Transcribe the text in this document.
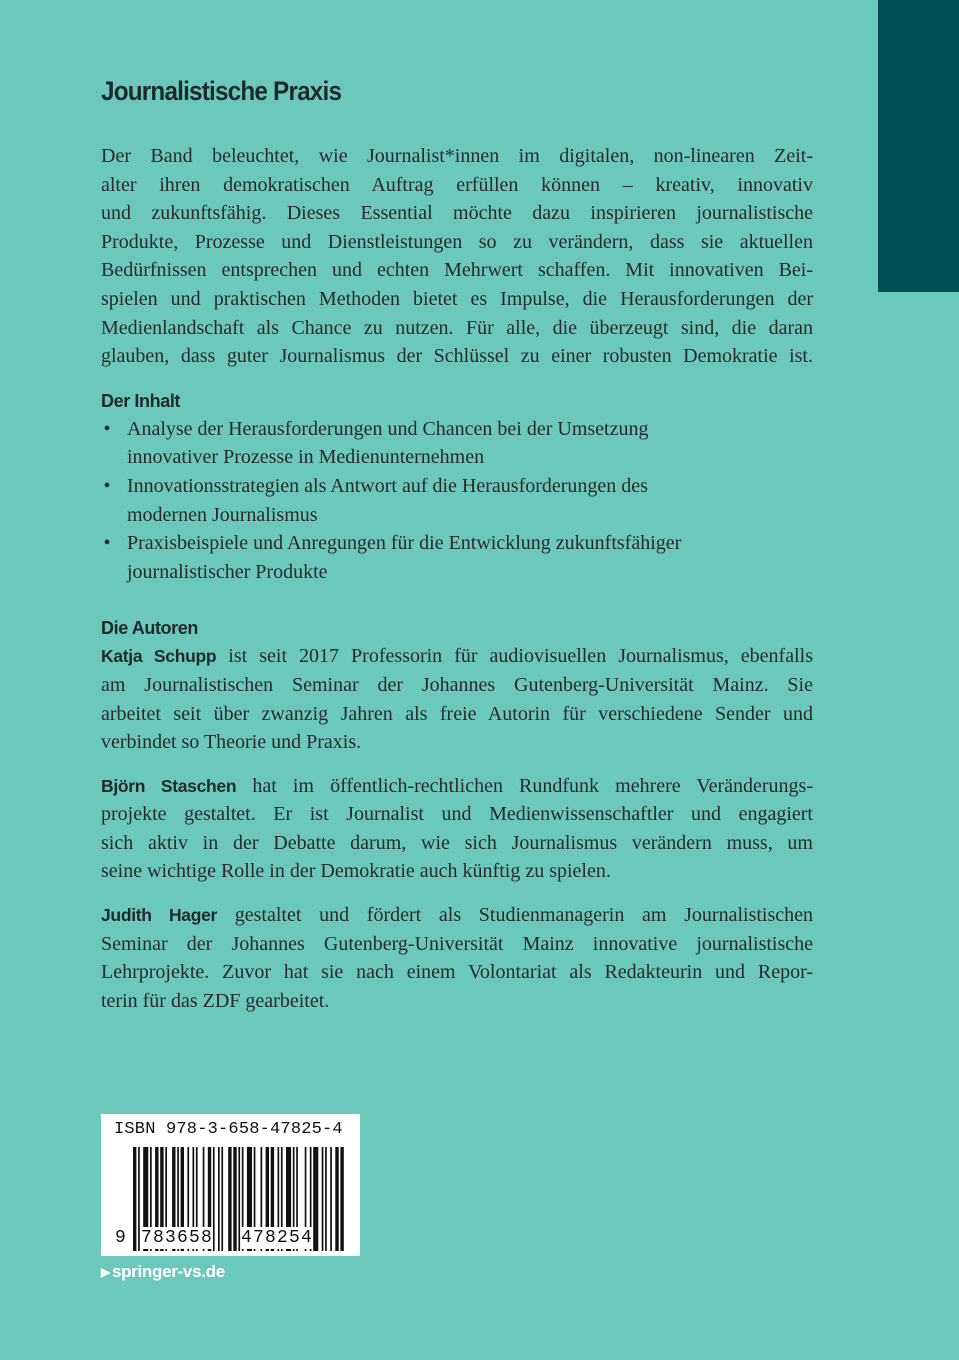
Journalistische Praxis
Der Band beleuchtet, wie Journalist*innen im digitalen, non-linearen Zeit-
alter ihren demokratischen Auftrag erfüllen können – kreativ, innovativ
und zukunftsfähig. Dieses Essential möchte dazu inspirieren journalistische
Produkte, Prozesse und Dienstleistungen so zu verändern, dass sie aktuellen
Bedürfnissen entsprechen und echten Mehrwert schaffen. Mit innovativen Bei-
spielen und praktischen Methoden bietet es Impulse, die Herausforderungen der
Medienlandschaft als Chance zu nutzen. Für alle, die überzeugt sind, die daran
glauben, dass guter Journalismus der Schlüssel zu einer robusten Demokratie ist.
Der Inhalt
• Analyse der Herausforderungen und Chancen bei der Umsetzung
innovativer Prozesse in Medienunternehmen
• Innovationsstrategien als Antwort auf die Herausforderungen des
modernen Journalismus
• Praxisbeispiele und Anregungen für die Entwicklung zukunftsfähiger
journalistischer Produkte
Die Autoren
Katja Schupp ist seit 2017 Professorin für audiovisuellen Journalismus, ebenfalls
am Journalistischen Seminar der Johannes Gutenberg-Universität Mainz. Sie
arbeitet seit über zwanzig Jahren als freie Autorin für verschiedene Sender und
verbindet so Theorie und Praxis.
Björn Staschen hat im öffentlich-rechtlichen Rundfunk mehrere Veränderungs-
projekte gestaltet. Er ist Journalist und Medienwissenschaftler und engagiert
sich aktiv in der Debatte darum, wie sich Journalismus verändern muss, um
seine wichtige Rolle in der Demokratie auch künftig zu spielen.
Judith Hager gestaltet und fördert als Studienmanagerin am Journalistischen
Seminar der Johannes Gutenberg-Universität Mainz innovative journalistische
Lehrprojekte. Zuvor hat sie nach einem Volontariat als Redakteurin und Repor-
terin für das ZDF gearbeitet.
ISBN 978-3-658-47825-4
9 783658 478254
▶ springer-vs.de
